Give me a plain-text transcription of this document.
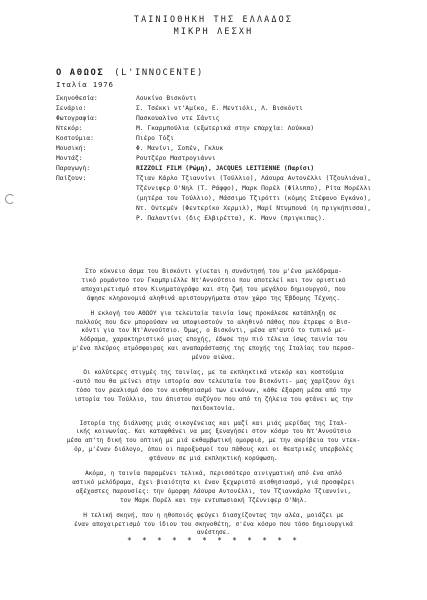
ΤΑΙΝΙΟΘΗΚΗ ΤΗΣ ΕΛΛΑΔΟΣ
ΜΙΚΡΗ ΛΕΣΧΗ
Ο ΑΘΩΟΣ (L'INNOCENTE)
Ιταλία 1976
Σκηνοθεσία:	Λουκίνο Βισκόντι
Σενάριο:	Σ. Τσέκκι ντ'Αμίκο, Ε. Μεντιόλι, Λ. Βισκόντι
Φωτογραφία:	Πασκουαλίνο ντε Σάντις
Ντεκόρ:	Μ. Γκαρμπούλια (εξωτερικά στην επαρχία: Λούκκα)
Κοστούμια:	Πιέρο Τόζι
Μουσική:	Φ. Μανίνι, Σοπέν, Γκλυκ
Μοντάζ:	Ρουτζέρο Μαστρογιάννι
Παραγωγή:	RIZZOLI FILM (Ρώμη), JACQUES LEITIENNE (Παρίσι)
Παίζουν:	Τζιαν Κάρλο Τζιαννίνι (Τούλλιο), Λάουρα Αντονέλλι (Τζουλιάνα),
Τζέννιφερ Ο'Νηλ (Τ. Ράφφο), Μαρκ Πορέλ (Φίλιππο), Ρίτα Μορέλλι
(μητέρα του Τούλλιο), Μάσσιμο Τζιρόττι (κόμης Στέφανο Εγκάνο),
Ντ. Οντεμέν (Φεντερίκο Χερμιλ), Μαρί Ντυμπουά (η πριγκήπισσα),
Ρ. Παλαντίνι (δις Ελβιρέττα), Κ. Μανν (πριγκιπας).
Στο κύκνειο άσμα του Βισκόντι γίνεται η συνάντησή του μ'ένα μελόδραμα-
τικό ρομάντσο του Γκαμπριέλλε Ντ'Αννούτσιο που αποτελεί και τον οριστικό
αποχαιρετισμό στον Κινηματογράφο και στη ζωή του μεγάλου δημιουργού, που
άφησε κληρονομιά αληθινά αριστουργήματα στον χώρο της Έβδομης Τέχνης.
Η εκλογή του ΑΘΩΟΥ για τελευταία ταινία ίσως προκάλεσε κατάπληξη σε
πολλούς που δεν μπορούσαν να υποψιαστούν το αληθινό πάθος που έτρεφε ο Βισ-
κόντι για τον Ντ'Αννούτσιο. Όμως, ο Βισκόντι, μέσα απ'αυτό το τυπικό με-
λόδραμα, χαρακτηριστικό μιας εποχής, έδωσε την πιό τέλεια ίσως ταινία του
μ'ένα πλεύρος ατμόσφαιρας και αναπαράστασης της εποχής της Ιταλίας του περασ-
μένου αιώνα.
Οι καλύτερες στιγμές της ταινίας, με τα εκπληκτικά ντεκόρ και κοστούμια
-αυτό που θα μείνει στην ιστορία σαν τελευταία του Βισκόντι- μας χαρίζουν όχι
τόσο τον ρεαλισμό όσο τον αισθησιασμό των εικόνων, κάθε έξαρση μέσα από την
ιστορία του Τούλλιο, του άπιστου συζύγου που από τη ζήλεια του φτάνει ως την
παιδοκτονία.
Ιστορία της διάλυσης μιάς οικογένειας και μαζί και μιάς μερίδας της Ιταλ-
ικής κοινωνίας. Και καταφθάνει να μας ξεναγήσει στον κόσμο του Ντ'Αννούτσιο
μέσα απ'τη δική του οπτική με μιά εκθαμβωτική ομορφιά, με την ακρίβεια του ντεκ-
όρ, μ'έναν διάλογο, όπου οι παροξυσμοί του πάθους και οι θεατρικές υπερβολές
φτάνουν σε μιά εκπληκτική κορύφωση.
Ακόμα, η ταινία παραμένει τελικά, περισσότερο αινιγματική από ένα απλό
αστικό μελόδραμα, έχει βιαιότητα κι έναν ξεχωριστό αισθησιασμό, γιά προσφέρει
αξέχαστες παρουσίες: την όμορφη Λάουρα Αντονέλλι, τον Τζιανκάρλο Τζιαννίνι,
τον Μαρκ Πορέλ και την εντυπωσιακή Τζέννιφερ Ο'Νηλ.
Η τελική σκηνή, που η ηθοποιός φεύγει διασχίζοντας την αλέα, μοιάζει με
έναν αποχαιρετισμό του ίδιου του σκηνοθέτη, σ'ένα κόσμο που τόσο δημιουργικά
ανέστησε.
* * * * * * * * * * * *
